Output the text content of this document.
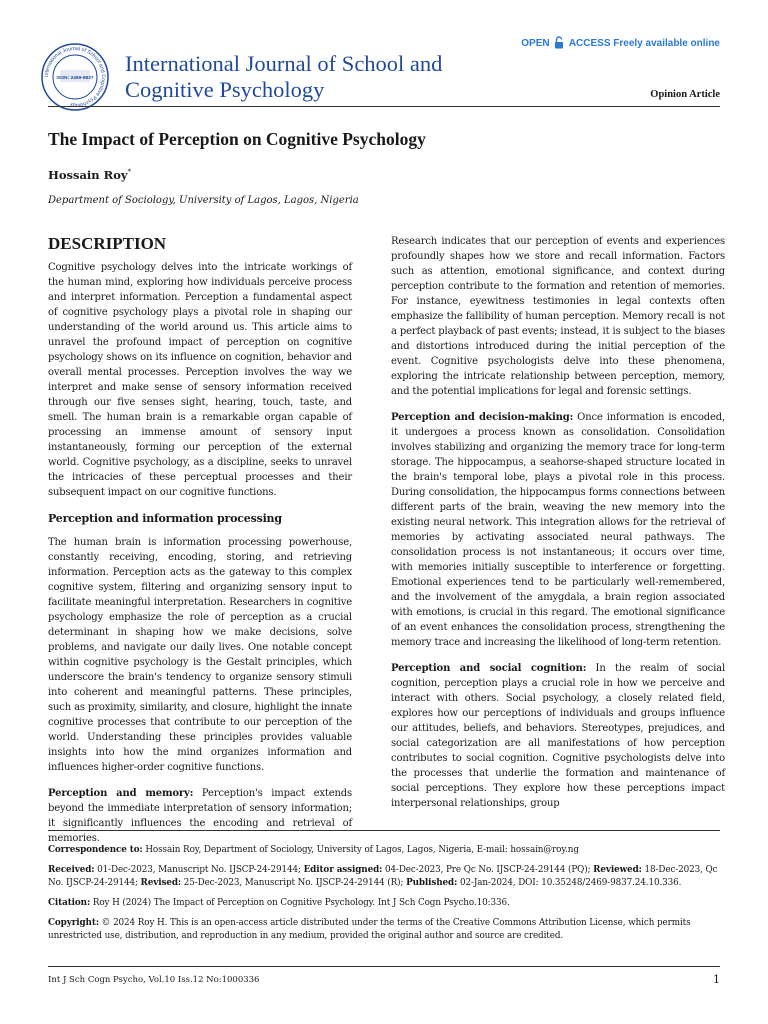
International Journal of School and Cognitive Psychology
ISSN: 2469-9837
International Journal of School and
Cognitive Psychology
OPEN ACCESS Freely available online
Opinion Article
The Impact of Perception on Cognitive Psychology
Hossain Roy*
Department of Sociology, University of Lagos, Lagos, Nigeria
DESCRIPTION

Cognitive psychology delves into the intricate workings of the human mind, exploring how individuals perceive process and interpret information. Perception a fundamental aspect of cognitive psychology plays a pivotal role in shaping our understanding of the world around us. This article aims to unravel the profound impact of perception on cognitive psychology shows on its influence on cognition, behavior and overall mental processes. Perception involves the way we interpret and make sense of sensory information received through our five senses sight, hearing, touch, taste, and smell. The human brain is a remarkable organ capable of processing an immense amount of sensory input instantaneously, forming our perception of the external world. Cognitive psychology, as a discipline, seeks to unravel the intricacies of these perceptual processes and their subsequent impact on our cognitive functions.

Perception and information processing

The human brain is information processing powerhouse, constantly receiving, encoding, storing, and retrieving information. Perception acts as the gateway to this complex cognitive system, filtering and organizing sensory input to facilitate meaningful interpretation. Researchers in cognitive psychology emphasize the role of perception as a crucial determinant in shaping how we make decisions, solve problems, and navigate our daily lives. One notable concept within cognitive psychology is the Gestalt principles, which underscore the brain's tendency to organize sensory stimuli into coherent and meaningful patterns. These principles, such as proximity, similarity, and closure, highlight the innate cognitive processes that contribute to our perception of the world. Understanding these principles provides valuable insights into how the mind organizes information and influences higher-order cognitive functions.

Perception and memory: Perception's impact extends beyond the immediate interpretation of sensory information; it significantly influences the encoding and retrieval of memories.

Research indicates that our perception of events and experiences profoundly shapes how we store and recall information. Factors such as attention, emotional significance, and context during perception contribute to the formation and retention of memories. For instance, eyewitness testimonies in legal contexts often emphasize the fallibility of human perception. Memory recall is not a perfect playback of past events; instead, it is subject to the biases and distortions introduced during the initial perception of the event. Cognitive psychologists delve into these phenomena, exploring the intricate relationship between perception, memory, and the potential implications for legal and forensic settings.

Perception and decision-making: Once information is encoded, it undergoes a process known as consolidation. Consolidation involves stabilizing and organizing the memory trace for long-term storage. The hippocampus, a seahorse-shaped structure located in the brain's temporal lobe, plays a pivotal role in this process. During consolidation, the hippocampus forms connections between different parts of the brain, weaving the new memory into the existing neural network. This integration allows for the retrieval of memories by activating associated neural pathways. The consolidation process is not instantaneous; it occurs over time, with memories initially susceptible to interference or forgetting. Emotional experiences tend to be particularly well-remembered, and the involvement of the amygdala, a brain region associated with emotions, is crucial in this regard. The emotional significance of an event enhances the consolidation process, strengthening the memory trace and increasing the likelihood of long-term retention.

Perception and social cognition: In the realm of social cognition, perception plays a crucial role in how we perceive and interact with others. Social psychology, a closely related field, explores how our perceptions of individuals and groups influence our attitudes, beliefs, and behaviors. Stereotypes, prejudices, and social categorization are all manifestations of how perception contributes to social cognition. Cognitive psychologists delve into the processes that underlie the formation and maintenance of social perceptions. They explore how these perceptions impact interpersonal relationships, group

Correspondence to: Hossain Roy, Department of Sociology, University of Lagos, Lagos, Nigeria, E-mail: hossain@roy.ng

Received: 01-Dec-2023, Manuscript No. IJSCP-24-29144; Editor assigned: 04-Dec-2023, Pre Qc No. IJSCP-24-29144 (PQ); Reviewed: 18-Dec-2023, Qc No. IJSCP-24-29144; Revised: 25-Dec-2023, Manuscript No. IJSCP-24-29144 (R); Published: 02-Jan-2024, DOI: 10.35248/2469-9837.24.10.336.

Citation: Roy H (2024) The Impact of Perception on Cognitive Psychology. Int J Sch Cogn Psycho.10:336.

Copyright: © 2024 Roy H. This is an open-access article distributed under the terms of the Creative Commons Attribution License, which permits unrestricted use, distribution, and reproduction in any medium, provided the original author and source are credited.

Int J Sch Cogn Psycho, Vol.10 Iss.12 No:1000336	1
